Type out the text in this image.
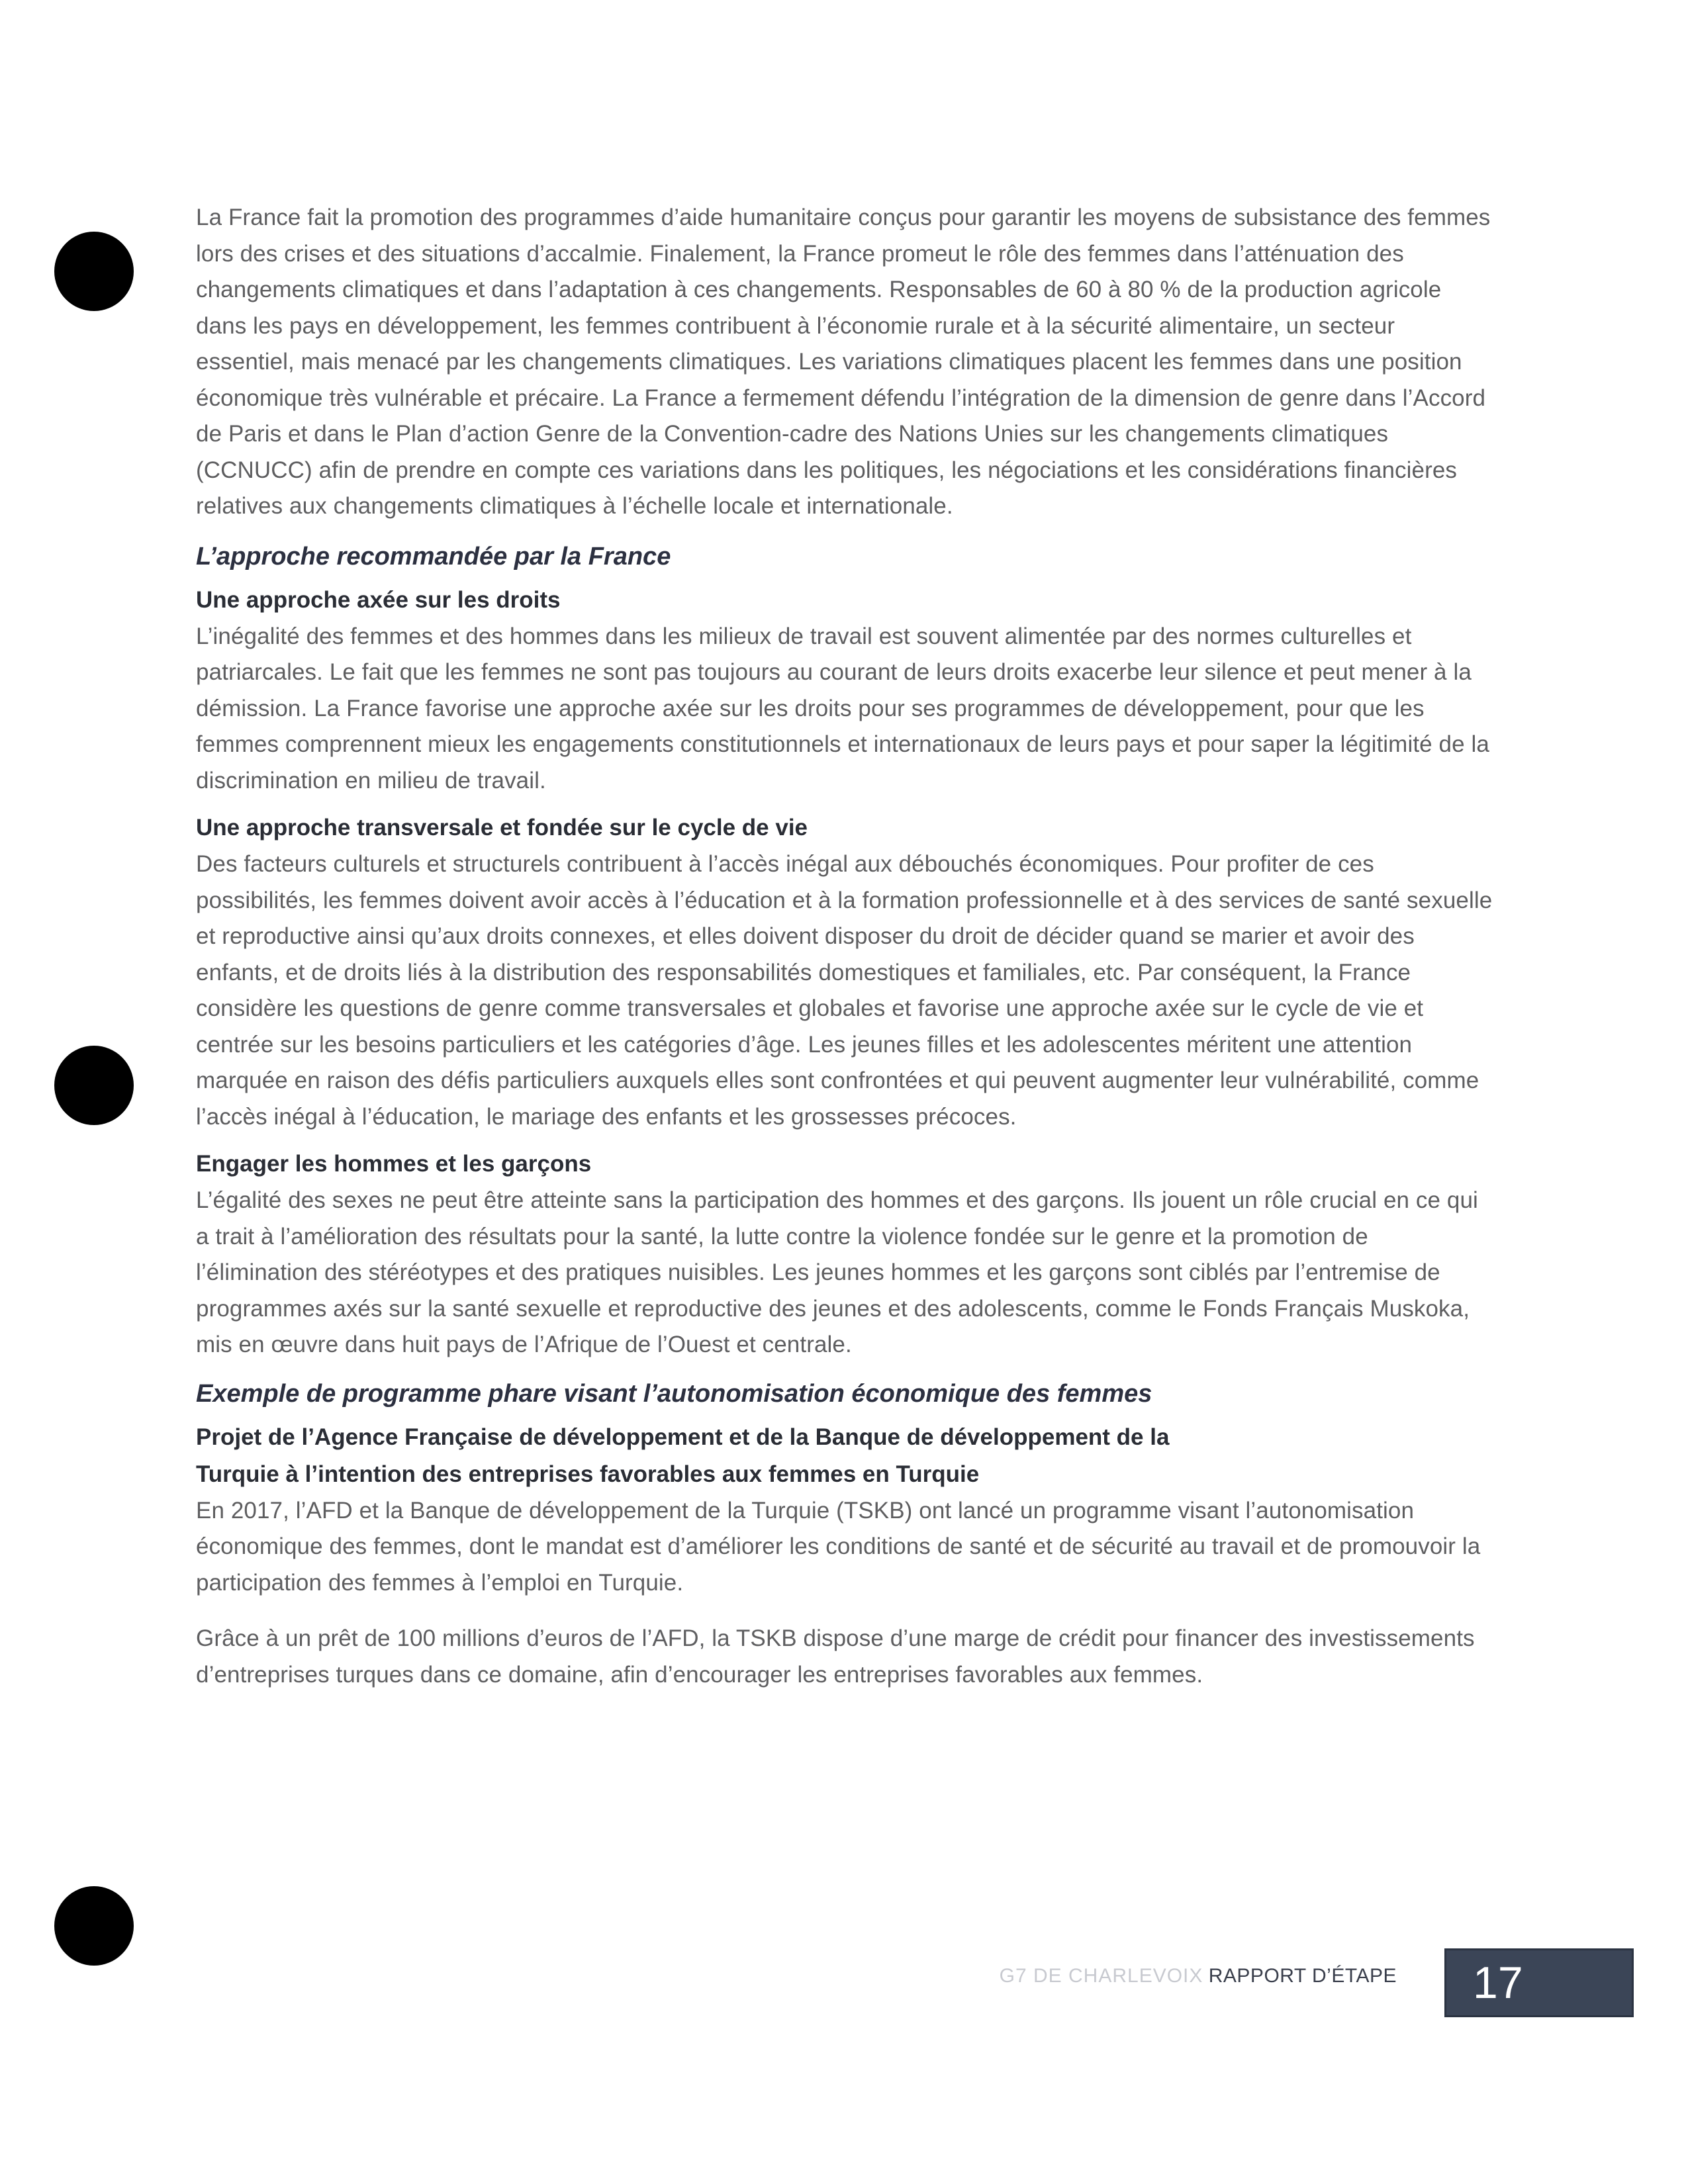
La France fait la promotion des programmes d’aide humanitaire conçus pour garantir les moyens de subsistance des femmes lors des crises et des situations d’accalmie. Finalement, la France promeut le rôle des femmes dans l’atténuation des changements climatiques et dans l’adaptation à ces changements. Responsables de 60 à 80 % de la production agricole dans les pays en développement, les femmes contribuent à l’économie rurale et à la sécurité alimentaire, un secteur essentiel, mais menacé par les changements climatiques. Les variations climatiques placent les femmes dans une position économique très vulnérable et précaire. La France a fermement défendu l’intégration de la dimension de genre dans l’Accord de Paris et dans le Plan d’action Genre de la Convention-cadre des Nations Unies sur les changements climatiques (CCNUCC) afin de prendre en compte ces variations dans les politiques, les négociations et les considérations financières relatives aux changements climatiques à l’échelle locale et internationale.

L’approche recommandée par la France
Une approche axée sur les droits

L’inégalité des femmes et des hommes dans les milieux de travail est souvent alimentée par des normes culturelles et patriarcales. Le fait que les femmes ne sont pas toujours au courant de leurs droits exacerbe leur silence et peut mener à la démission. La France favorise une approche axée sur les droits pour ses programmes de développement, pour que les femmes comprennent mieux les engagements constitutionnels et internationaux de leurs pays et pour saper la légitimité de la discrimination en milieu de travail.

Une approche transversale et fondée sur le cycle de vie

Des facteurs culturels et structurels contribuent à l’accès inégal aux débouchés économiques. Pour profiter de ces possibilités, les femmes doivent avoir accès à l’éducation et à la formation professionnelle et à des services de santé sexuelle et reproductive ainsi qu’aux droits connexes, et elles doivent disposer du droit de décider quand se marier et avoir des enfants, et de droits liés à la distribution des responsabilités domestiques et familiales, etc. Par conséquent, la France considère les questions de genre comme transversales et globales et favorise une approche axée sur le cycle de vie et centrée sur les besoins particuliers et les catégories d’âge. Les jeunes filles et les adolescentes méritent une attention marquée en raison des défis particuliers auxquels elles sont confrontées et qui peuvent augmenter leur vulnérabilité, comme l’accès inégal à l’éducation, le mariage des enfants et les grossesses précoces.

Engager les hommes et les garçons

L’égalité des sexes ne peut être atteinte sans la participation des hommes et des garçons. Ils jouent un rôle crucial en ce qui a trait à l’amélioration des résultats pour la santé, la lutte contre la violence fondée sur le genre et la promotion de l’élimination des stéréotypes et des pratiques nuisibles. Les jeunes hommes et les garçons sont ciblés par l’entremise de programmes axés sur la santé sexuelle et reproductive des jeunes et des adolescents, comme le Fonds Français Muskoka, mis en œuvre dans huit pays de l’Afrique de l’Ouest et centrale.

Exemple de programme phare visant l’autonomisation économique des femmes
Projet de l’Agence Française de développement et de la Banque de développement de la Turquie à l’intention des entreprises favorables aux femmes en Turquie

En 2017, l’AFD et la Banque de développement de la Turquie (TSKB) ont lancé un programme visant l’autonomisation économique des femmes, dont le mandat est d’améliorer les conditions de santé et de sécurité au travail et de promouvoir la participation des femmes à l’emploi en Turquie.

Grâce à un prêt de 100 millions d’euros de l’AFD, la TSKB dispose d’une marge de crédit pour financer des investissements d’entreprises turques dans ce domaine, afin d’encourager les entreprises favorables aux femmes.

G7 DE CHARLEVOIX RAPPORT D’ÉTAPE	17
